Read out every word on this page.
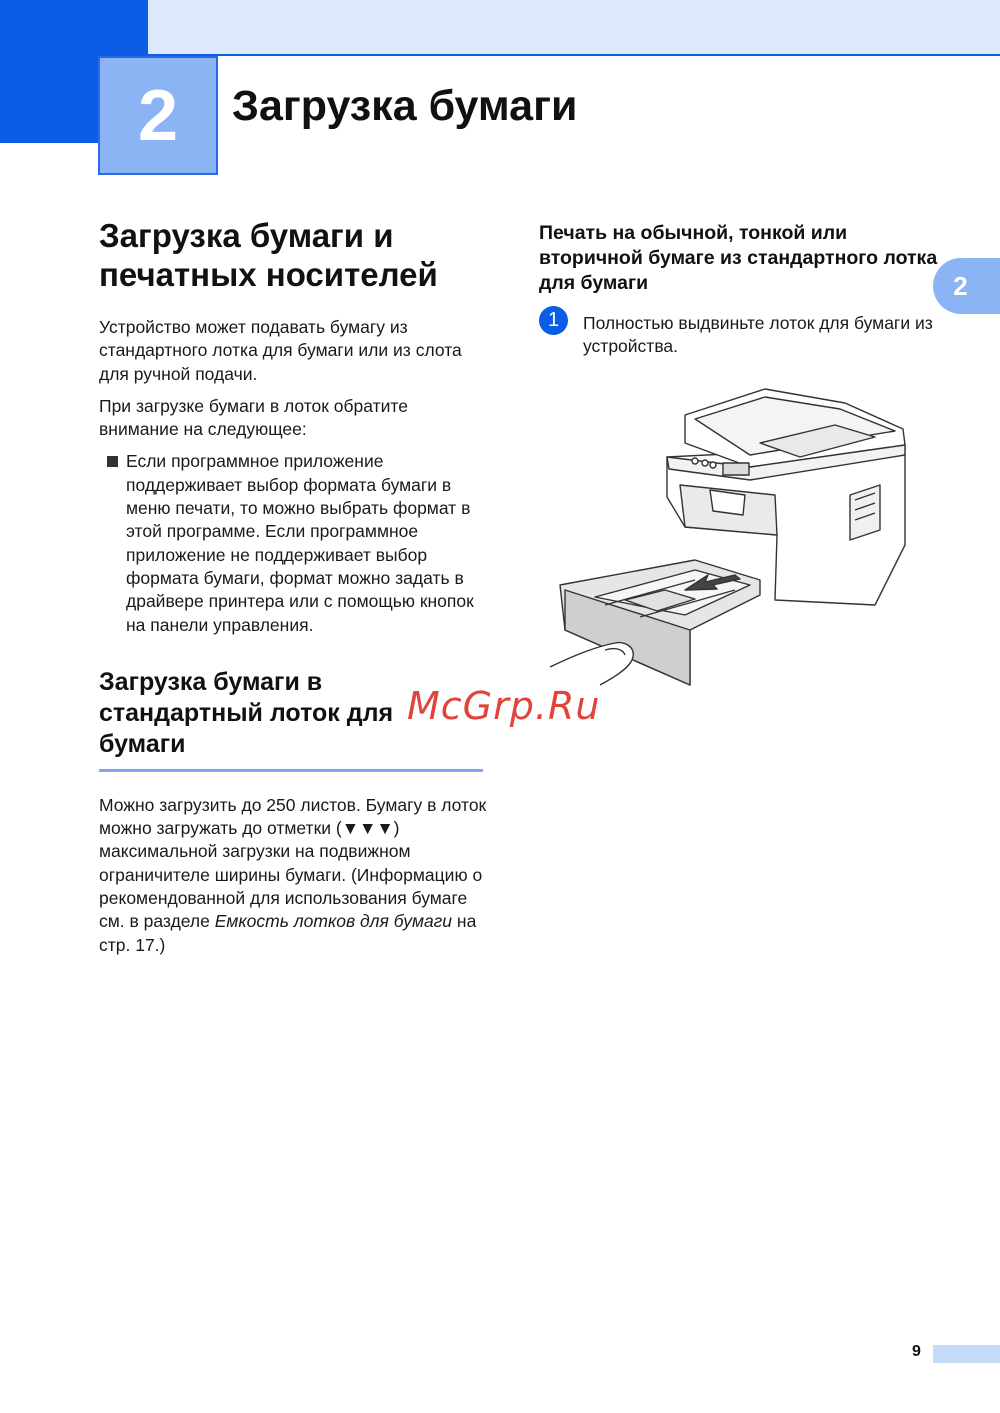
2 Загрузка бумаги
2
Загрузка бумаги и печатных носителей

Устройство может подавать бумагу из стандартного лотка для бумаги или из слота для ручной подачи.

При загрузке бумаги в лоток обратите внимание на следующее:

Если программное приложение поддерживает выбор формата бумаги в меню печати, то можно выбрать формат в этой программе. Если программное приложение не поддерживает выбор формата бумаги, формат можно задать в драйвере принтера или с помощью кнопок на панели управления.
Загрузка бумаги в стандартный лоток для бумаги

Можно загрузить до 250 листов. Бумагу в лоток можно загружать до отметки (▼▼▼) максимальной загрузки на подвижном ограничителе ширины бумаги. (Информацию о рекомендованной для использования бумаге см. в разделе Емкость лотков для бумаги на стр. 17.)

Печать на обычной, тонкой или вторичной бумаге из стандартного лотка для бумаги
1	Полностью выдвиньте лоток для бумаги из устройства.
McGrp.Ru
9
